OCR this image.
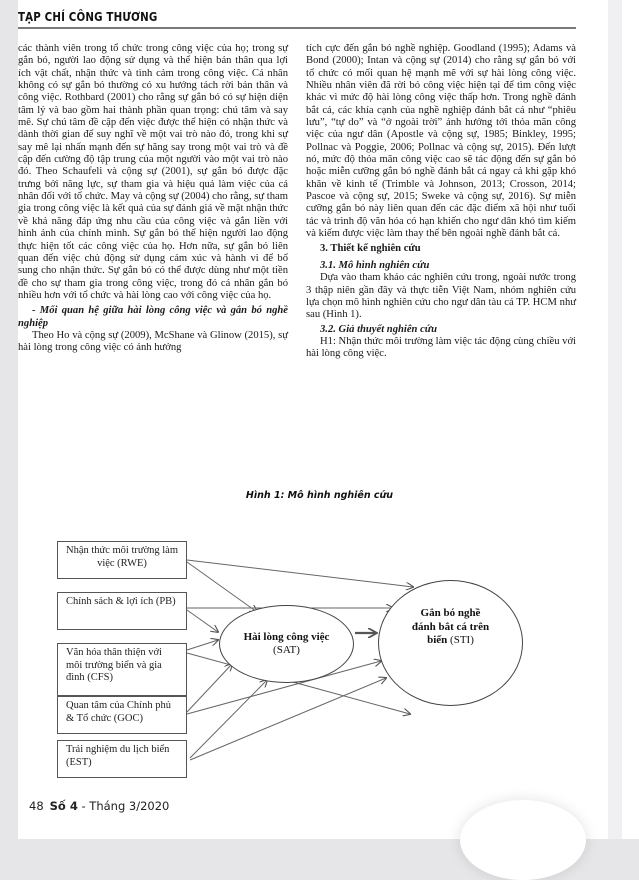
TẠP CHÍ CÔNG THƯƠNG

các thành viên trong tổ chức trong công việc của họ; trong sự gắn bó, người lao động sử dụng và thể hiện bản thân qua lợi ích vật chất, nhận thức và tình cảm trong công việc. Cá nhân không có sự gắn bó thường có xu hướng tách rời bản thân và công việc. Rothbard (2001) cho rằng sự gắn bó có sự hiện diện tâm lý và bao gồm hai thành phần quan trọng: chú tâm và say mê. Sự chú tâm đề cập đến việc được thể hiện có nhận thức và dành thời gian để suy nghĩ về một vai trò nào đó, trong khi sự say mê lại nhấn mạnh đến sự hăng say trong một vai trò và đề cập đến cường độ tập trung của một người vào một vai trò nào đó. Theo Schaufeli và cộng sự (2001), sự gắn bó được đặc trưng bởi năng lực, sự tham gia và hiệu quả làm việc của cá nhân đối với tổ chức. May và cộng sự (2004) cho rằng, sự tham gia trong công việc là kết quả của sự đánh giá về mặt nhận thức về khả năng đáp ứng nhu cầu của công việc và gắn liền với hình ảnh của chính mình. Sự gắn bó thể hiện người lao động thực hiện tốt các công việc của họ. Hơn nữa, sự gắn bó liên quan đến việc chủ động sử dụng cảm xúc và hành vi để bổ sung cho nhận thức. Sự gắn bó có thể được dùng như một tiền đề cho sự tham gia trong công việc, trong đó cá nhân gắn bó nhiều hơn với tổ chức và hài lòng cao với công việc của họ.

- Mối quan hệ giữa hài lòng công việc và gắn bó nghề nghiệp

Theo Ho và cộng sự (2009), McShane và Glinow (2015), sự hài lòng trong công việc có ảnh hưởng

tích cực đến gắn bó nghề nghiệp. Goodland (1995); Adams và Bond (2000); Intan và cộng sự (2014) cho rằng sự gắn bó với tổ chức có mối quan hệ mạnh mẽ với sự hài lòng công việc. Nhiều nhân viên đã rời bỏ công việc hiện tại để tìm công việc khác vì mức độ hài lòng công việc thấp hơn. Trong nghề đánh bắt cá, các khía cạnh của nghề nghiệp đánh bắt cá như “phiêu lưu”, “tự do” và “ở ngoài trời” ảnh hưởng tới thỏa mãn công việc của ngư dân (Apostle và cộng sự, 1985; Binkley, 1995; Pollnac và Poggie, 2006; Pollnac và cộng sự, 2015). Đến lượt nó, mức độ thỏa mãn công việc cao sẽ tác động đến sự gắn bó hoặc miễn cưỡng gắn bó nghề đánh bắt cá ngay cả khi gặp khó khăn về kinh tế (Trimble và Johnson, 2013; Crosson, 2014; Pascoe và cộng sự, 2015; Sweke và cộng sự, 2016). Sự miễn cưỡng gắn bó này liên quan đến các đặc điểm xã hội như tuổi tác và trình độ văn hóa có hạn khiến cho ngư dân khó tìm kiếm và kiếm được việc làm thay thế bên ngoài nghề đánh bắt cá.

3. Thiết kế nghiên cứu

3.1. Mô hình nghiên cứu

Dựa vào tham khảo các nghiên cứu trong, ngoài nước trong 3 thập niên gần đây và thực tiễn Việt Nam, nhóm nghiên cứu lựa chọn mô hình nghiên cứu cho ngư dân tàu cá TP. HCM như sau (Hình 1).

3.2. Giả thuyết nghiên cứu

H1: Nhận thức môi trường làm việc tác động cùng chiều với hài lòng công việc.

Hình 1: Mô hình nghiên cứu
Nhận thức môi trường làm việc (RWE)
Chính sách & lợi ích (PB)
Văn hóa thân thiện với môi trường biển và gia đình (CFS)
Quan tâm của Chính phủ & Tổ chức (GOC)
Trải nghiệm du lịch biển (EST)
Hài lòng công việc (SAT)
Gắn bó nghề đánh bắt cá trên biển (STI)
48 Số 4 - Tháng 3/2020
